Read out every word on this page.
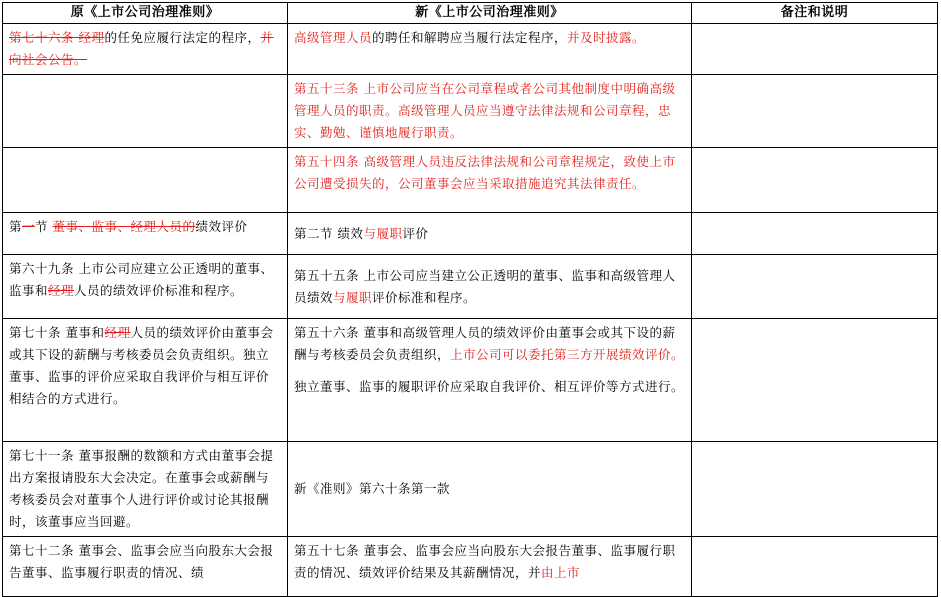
原《上市公司治理准则》	新《上市公司治理准则》	备注和说明
第七十六条 经理的任免应履行法定的程序，并向社会公告。	高级管理人员的聘任和解聘应当履行法定程序，并及时披露。	
	第五十三条 上市公司应当在公司章程或者公司其他制度中明确高级管理人员的职责。高级管理人员应当遵守法律法规和公司章程，忠实、勤勉、谨慎地履行职责。	
	第五十四条 高级管理人员违反法律法规和公司章程规定，致使上市公司遭受损失的，公司董事会应当采取措施追究其法律责任。	
第一节 董事、监事、经理人员的绩效评价	第二节 绩效与履职评价	
第六十九条 上市公司应建立公正透明的董事、监事和经理人员的绩效评价标准和程序。	第五十五条 上市公司应当建立公正透明的董事、监事和高级管理人员绩效与履职评价标准和程序。	
第七十条 董事和经理人员的绩效评价由董事会或其下设的薪酬与考核委员会负责组织。独立董事、监事的评价应采取自我评价与相互评价相结合的方式进行。	第五十六条 董事和高级管理人员的绩效评价由董事会或其下设的薪酬与考核委员会负责组织，上市公司可以委托第三方开展绩效评价。

独立董事、监事的履职评价应采取自我评价、相互评价等方式进行。	

第七十一条 董事报酬的数额和方式由董事会提出方案报请股东大会决定。在董事会或薪酬与考核委员会对董事个人进行评价或讨论其报酬时，该董事应当回避。	新《准则》第六十条第一款	
第七十二条 董事会、监事会应当向股东大会报告董事、监事履行职责的情况、绩	第五十七条 董事会、监事会应当向股东大会报告董事、监事履行职责的情况、绩效评价结果及其薪酬情况，并由上市	
